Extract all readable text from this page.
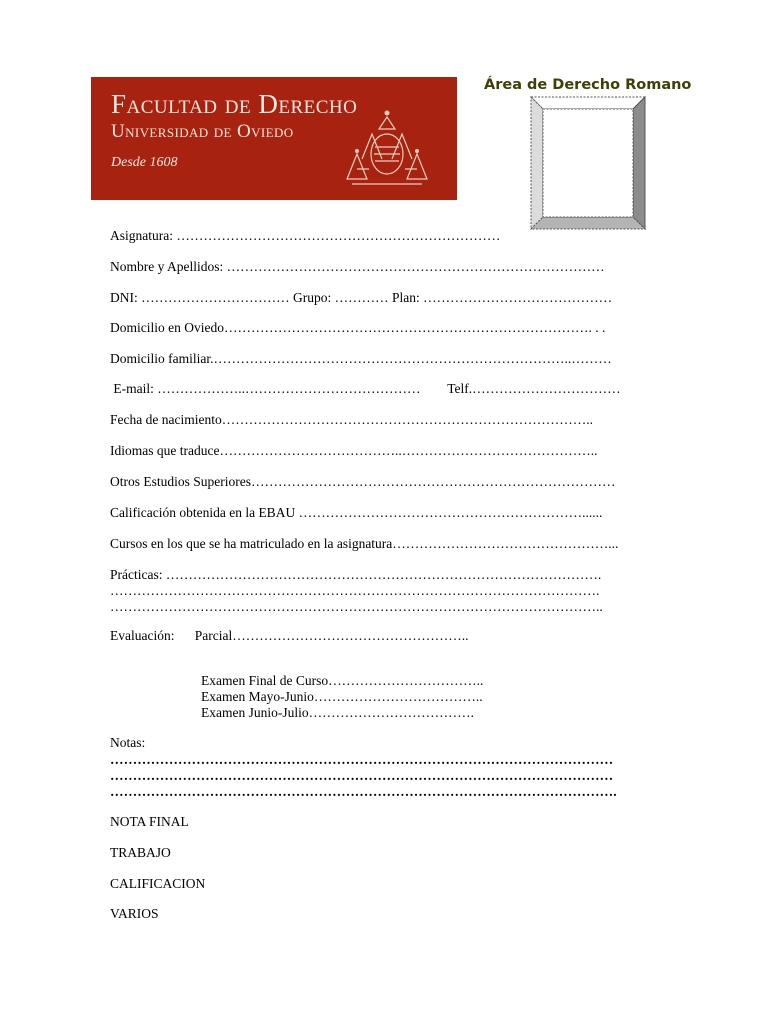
Facultad de Derecho
Universidad de Oviedo
Desde 1608
Área de Derecho Romano
Asignatura: ………………………………………………………………
Nombre y Apellidos: …………………………………………………………………………
DNI: …………………………… Grupo: ………… Plan: ……………………………………
Domicilio en Oviedo………………………………………………………………………. . .
Domicilio familiar.……………………………………………………………………..………
E-mail: ………………..…………………………………        Telf.……………………………
Fecha de nacimiento………………………………………………………………………..
Idiomas que traduce…………………………………..……………………………………..
Otros Estudios Superiores………………………………………………………………………
Calificación obtenida en la EBAU ………………………………………………………......
Cursos en los que se ha matriculado en la asignatura…………………………………………...
Prácticas: …………………………………………………………………………………….
……………………………………………………………………………………………….
………………………………………………………………………………………………..
Evaluación:      Parcial……………………………………………..
Examen Final de Curso……………………………..
Examen Mayo-Junio………………………………..
Examen Junio-Julio……………………………….
Notas:
…………………………………………………………………………………………………
…………………………………………………………………………………………………
………………………………………………………………………………………………….
NOTA FINAL
TRABAJO
CALIFICACION
VARIOS
